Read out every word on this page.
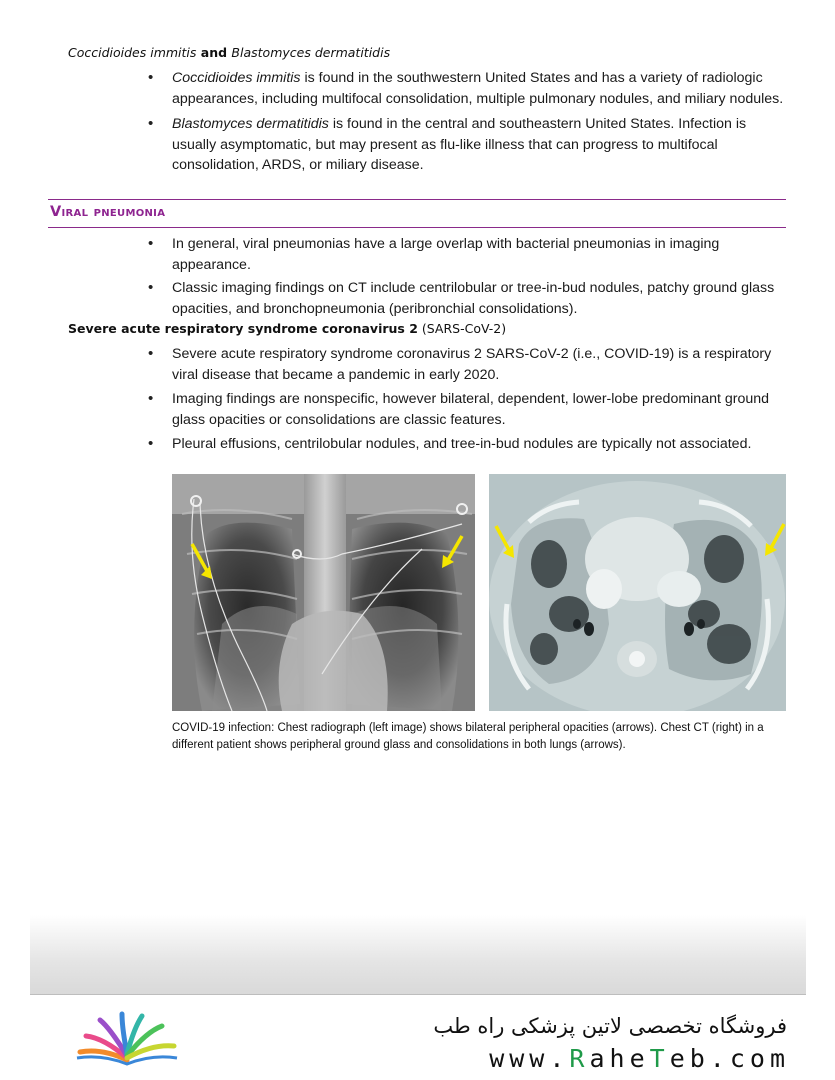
Coccidioides immitis and Blastomyces dermatitidis
• Coccidioides immitis is found in the southwestern United States and has a variety of radiologic appearances, including multifocal consolidation, multiple pulmonary nodules, and miliary nodules.
• Blastomyces dermatitidis is found in the central and southeastern United States. Infection is usually asymptomatic, but may present as flu-like illness that can progress to multifocal consolidation, ARDS, or miliary disease.
Viral pneumonia
• In general, viral pneumonias have a large overlap with bacterial pneumonias in imaging appearance.
• Classic imaging findings on CT include centrilobular or tree-in-bud nodules, patchy ground glass opacities, and bronchopneumonia (peribronchial consolidations).
Severe acute respiratory syndrome coronavirus 2 (SARS-CoV-2)
• Severe acute respiratory syndrome coronavirus 2 SARS-CoV-2 (i.e., COVID-19) is a respiratory viral disease that became a pandemic in early 2020.
• Imaging findings are nonspecific, however bilateral, dependent, lower-lobe predominant ground glass opacities or consolidations are classic features.
• Pleural effusions, centrilobular nodules, and tree-in-bud nodules are typically not associated.
COVID-19 infection: Chest radiograph (left image) shows bilateral peripheral opacities (arrows). Chest CT (right) in a different patient shows peripheral ground glass and consolidations in both lungs (arrows).
فروشگاه تخصصی لاتین پزشکی راه طب
www.RaheTeb.com
